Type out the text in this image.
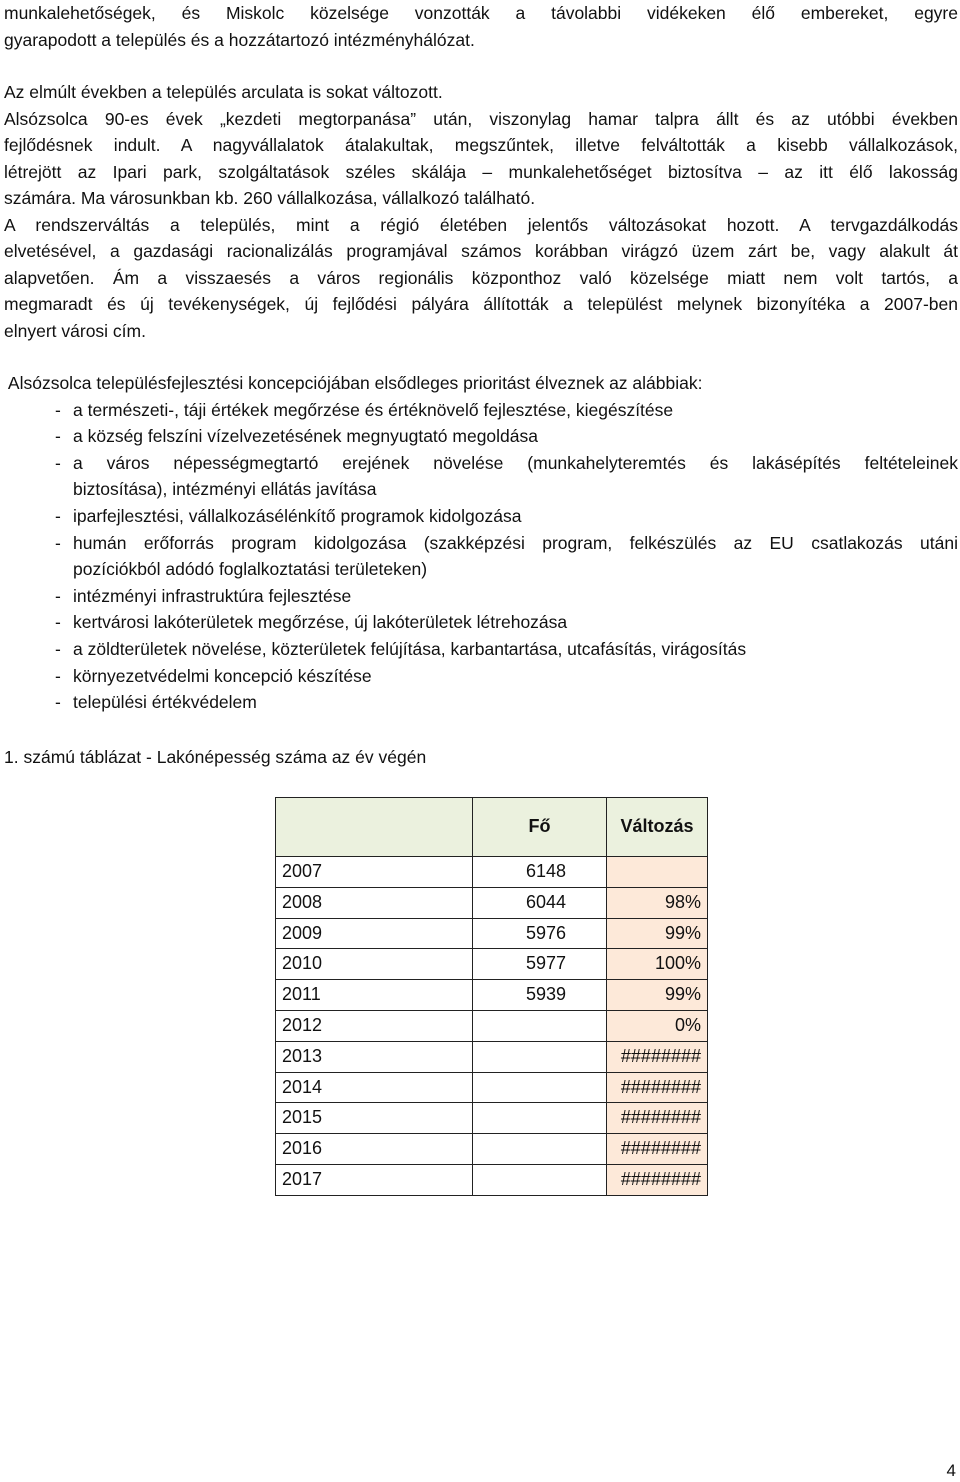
munkalehetőségek, és Miskolc közelsége vonzották a távolabbi vidékeken élő embereket, egyre
gyarapodott a település és a hozzátartozó intézményhálózat.
Az elmúlt években a település arculata is sokat változott.
Alsózsolca 90-es évek „kezdeti megtorpanása” után, viszonylag hamar talpra állt és az utóbbi években
fejlődésnek indult. A nagyvállalatok átalakultak, megszűntek, illetve felváltották a kisebb vállalkozások,
létrejött az Ipari park, szolgáltatások széles skálája – munkalehetőséget biztosítva – az itt élő lakosság
számára. Ma városunkban kb. 260 vállalkozása, vállalkozó található.
A rendszerváltás a település, mint a régió életében jelentős változásokat hozott. A tervgazdálkodás
elvetésével, a gazdasági racionalizálás programjával számos korábban virágzó üzem zárt be, vagy alakult át
alapvetően. Ám a visszaesés a város regionális központhoz való közelsége miatt nem volt tartós, a
megmaradt és új tevékenységek, új fejlődési pályára állították a települést melynek bizonyítéka a 2007-ben
elnyert városi cím.
Alsózsolca településfejlesztési koncepciójában elsődleges prioritást élveznek az alábbiak:
- a természeti-, táji értékek megőrzése és értéknövelő fejlesztése, kiegészítése
- a község felszíni vízelvezetésének megnyugtató megoldása
- a város népességmegtartó erejének növelése (munkahelyteremtés és lakásépítés feltételeinek
biztosítása), intézményi ellátás javítása
- iparfejlesztési, vállalkozásélénkítő programok kidolgozása
- humán erőforrás program kidolgozása (szakképzési program, felkészülés az EU csatlakozás utáni
pozíciókból adódó foglalkoztatási területeken)
- intézményi infrastruktúra fejlesztése
- kertvárosi lakóterületek megőrzése, új lakóterületek létrehozása
- a zöldterületek növelése, közterületek felújítása, karbantartása, utcafásítás, virágosítás
- környezetvédelmi koncepció készítése
- települési értékvédelem
1. számú táblázat - Lakónépesség száma az év végén
	Fő	Változás
2007	6148	
2008	6044	98%
2009	5976	99%
2010	5977	100%
2011	5939	99%
2012		0%
2013		########
2014		########
2015		########
2016		########
2017		########
4
